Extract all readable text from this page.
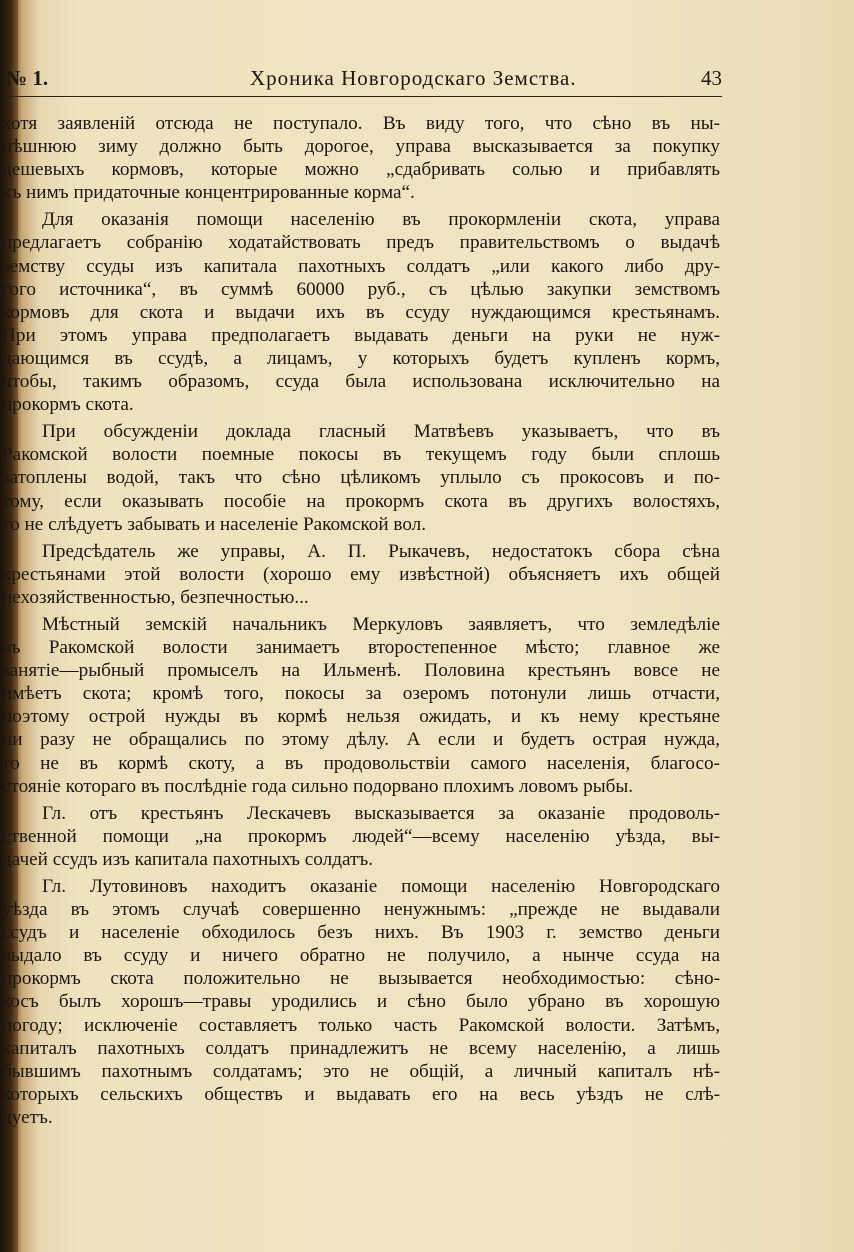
№ 1.	Хроника Новгородскаго Земства.	43
хотя заявленій отсюда не поступало. Въ виду того, что сѣно въ ны-
нѣшнюю зиму должно быть дорогое, управа высказывается за покупку
дешевыхъ кормовъ, которые можно „сдабривать солью и прибавлять
къ нимъ придаточные концентрированные корма“.
Для оказанія помощи населенію въ прокормленіи скота, управа
предлагаетъ собранію ходатайствовать предъ правительствомъ о выдачѣ
земству ссуды изъ капитала пахотныхъ солдатъ „или какого либо дру-
гого источника“, въ суммѣ 60000 руб., съ цѣлью закупки земствомъ
кормовъ для скота и выдачи ихъ въ ссуду нуждающимся крестьянамъ.
При этомъ управа предполагаетъ выдавать деньги на руки не нуж-
дающимся въ ссудѣ, а лицамъ, у которыхъ будетъ купленъ кормъ,
чтобы, такимъ образомъ, ссуда была использована исключительно на
прокормъ скота.
При обсужденіи доклада гласный Матвѣевъ указываетъ, что въ
Ракомской волости поемные покосы въ текущемъ году были сплошь
затоплены водой, такъ что сѣно цѣликомъ уплыло съ прокосовъ и по-
тому, если оказывать пособіе на прокормъ скота въ другихъ волостяхъ,
то не слѣдуетъ забывать и населеніе Ракомской вол.
Предсѣдатель же управы, А. П. Рыкачевъ, недостатокъ сбора сѣна
крестьянами этой волости (хорошо ему извѣстной) объясняетъ ихъ общей
нехозяйственностью, безпечностью...
Мѣстный земскій начальникъ Меркуловъ заявляетъ, что земледѣліе
въ Ракомской волости занимаетъ второстепенное мѣсто; главное же
занятіе—рыбный промыселъ на Ильменѣ. Половина крестьянъ вовсе не
имѣетъ скота; кромѣ того, покосы за озеромъ потонули лишь отчасти,
поэтому острой нужды въ кормѣ нельзя ожидать, и къ нему крестьяне
ни разу не обращались по этому дѣлу. А если и будетъ острая нужда,
то не въ кормѣ скоту, а въ продовольствіи самого населенія, благосо-
стояніе котораго въ послѣдніе года сильно подорвано плохимъ ловомъ рыбы.
Гл. отъ крестьянъ Лескачевъ высказывается за оказаніе продоволь-
ственной помощи „на прокормъ людей“—всему населенію уѣзда, вы-
дачей ссудъ изъ капитала пахотныхъ солдатъ.
Гл. Лутовиновъ находитъ оказаніе помощи населенію Новгородскаго
уѣзда въ этомъ случаѣ совершенно ненужнымъ: „прежде не выдавали
ссудъ и населеніе обходилось безъ нихъ. Въ 1903 г. земство деньги
выдало въ ссуду и ничего обратно не получило, а нынче ссуда на
прокормъ скота положительно не вызывается необходимостью: сѣно-
косъ былъ хорошъ—травы уродились и сѣно было убрано въ хорошую
погоду; исключеніе составляетъ только часть Ракомской волости. Затѣмъ,
капиталъ пахотныхъ солдатъ принадлежитъ не всему населенію, а лишь
бывшимъ пахотнымъ солдатамъ; это не общій, а личный капиталъ нѣ-
которыхъ сельскихъ обществъ и выдавать его на весь уѣздъ не слѣ-
дуетъ.
